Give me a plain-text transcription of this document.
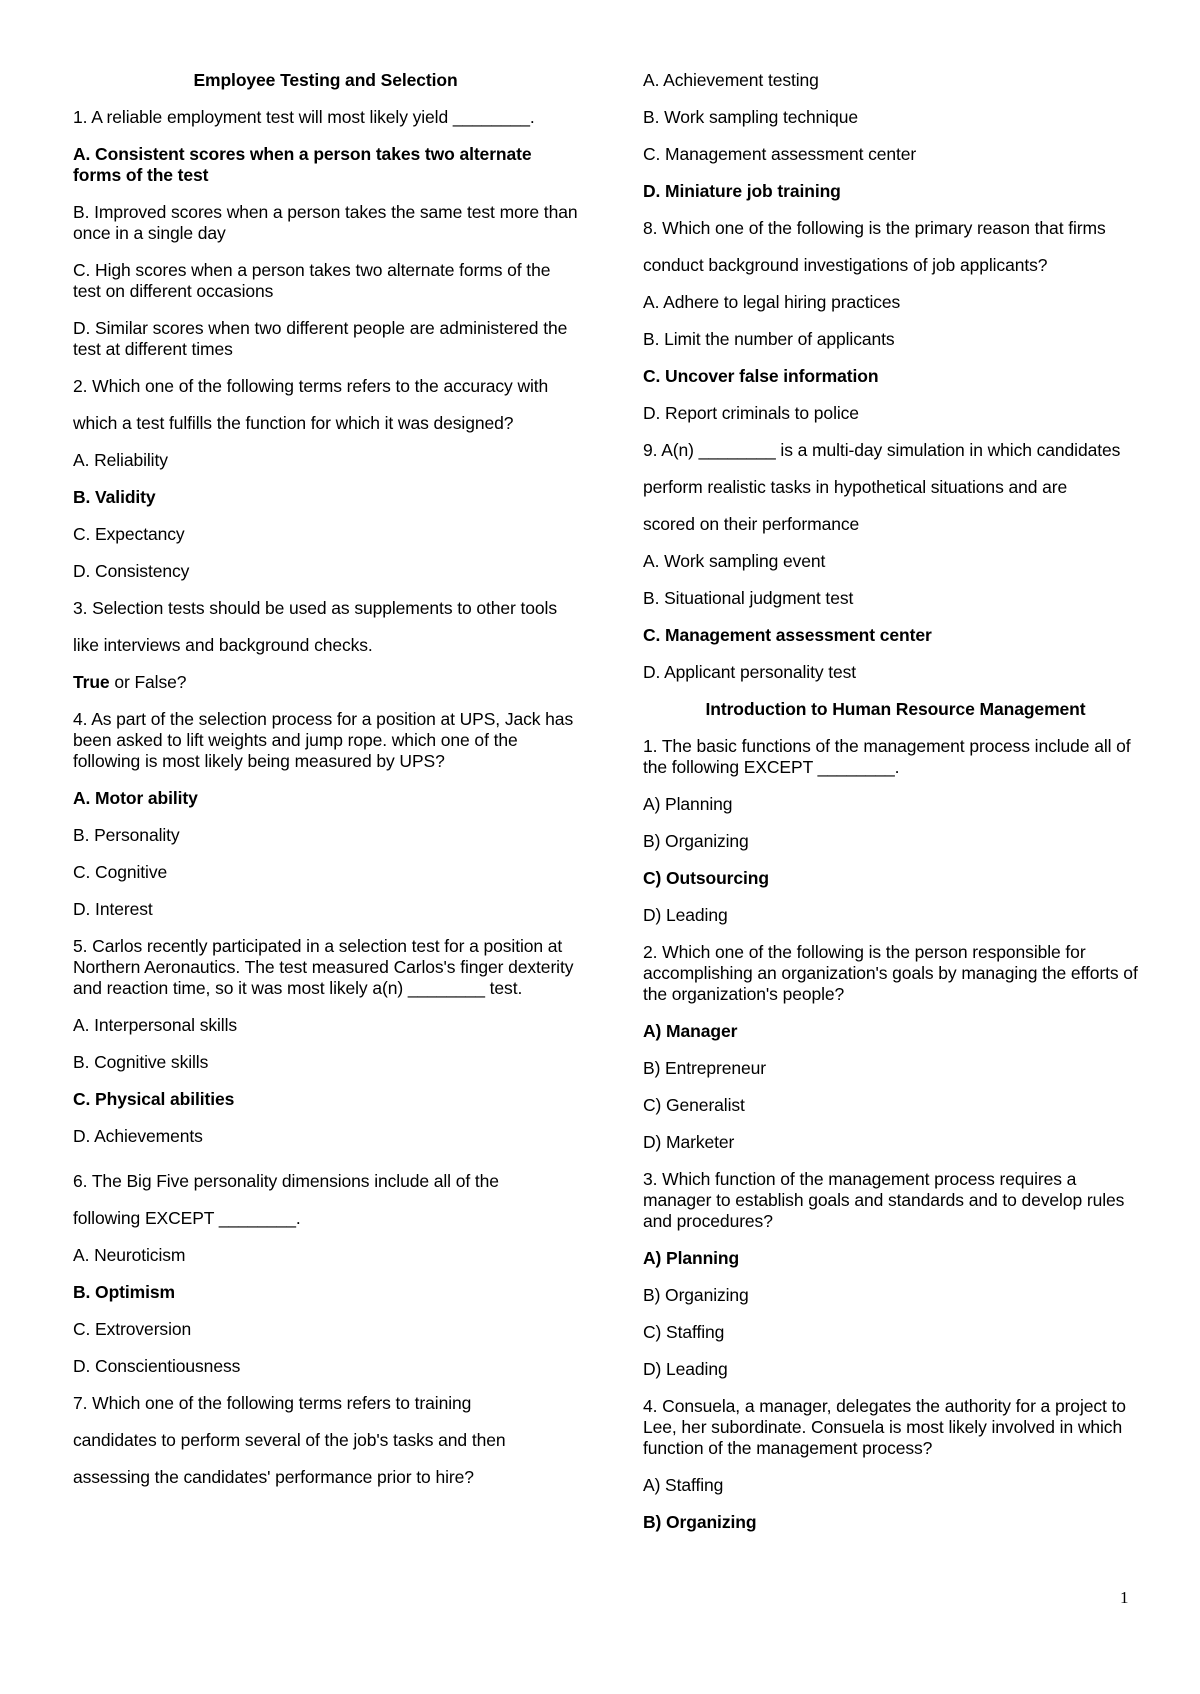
Employee Testing and Selection

1. A reliable employment test will most likely yield ________.

A. Consistent scores when a person takes two alternate forms of the test

B. Improved scores when a person takes the same test more than once in a single day

C. High scores when a person takes two alternate forms of the test on different occasions

D. Similar scores when two different people are administered the test at different times

2. Which one of the following terms refers to the accuracy with

which a test fulfills the function for which it was designed?

A. Reliability

B. Validity

C. Expectancy

D. Consistency

3. Selection tests should be used as supplements to other tools

like interviews and background checks.

True or False?

4. As part of the selection process for a position at UPS, Jack has been asked to lift weights and jump rope. which one of the following is most likely being measured by UPS?

A. Motor ability

B. Personality

C. Cognitive

D. Interest

5. Carlos recently participated in a selection test for a position at Northern Aeronautics. The test measured Carlos's finger dexterity and reaction time, so it was most likely a(n) ________ test.

A. Interpersonal skills

B. Cognitive skills

C. Physical abilities

D. Achievements

6. The Big Five personality dimensions include all of the

following EXCEPT ________.

A. Neuroticism

B. Optimism

C. Extroversion

D. Conscientiousness

7. Which one of the following terms refers to training

candidates to perform several of the job's tasks and then

assessing the candidates' performance prior to hire?

A. Achievement testing

B. Work sampling technique

C. Management assessment center

D. Miniature job training

8. Which one of the following is the primary reason that firms

conduct background investigations of job applicants?

A. Adhere to legal hiring practices

B. Limit the number of applicants

C. Uncover false information

D. Report criminals to police

9. A(n) ________ is a multi-day simulation in which candidates

perform realistic tasks in hypothetical situations and are

scored on their performance

A. Work sampling event

B. Situational judgment test

C. Management assessment center

D. Applicant personality test

Introduction to Human Resource Management

1. The basic functions of the management process include all of the following EXCEPT ________.

A) Planning

B) Organizing

C) Outsourcing

D) Leading

2. Which one of the following is the person responsible for accomplishing an organization's goals by managing the efforts of the organization's people?

A) Manager

B) Entrepreneur

C) Generalist

D) Marketer

3. Which function of the management process requires a manager to establish goals and standards and to develop rules and procedures?

A) Planning

B) Organizing

C) Staffing

D) Leading

4. Consuela, a manager, delegates the authority for a project to Lee, her subordinate. Consuela is most likely involved in which function of the management process?

A) Staffing

B) Organizing

1
